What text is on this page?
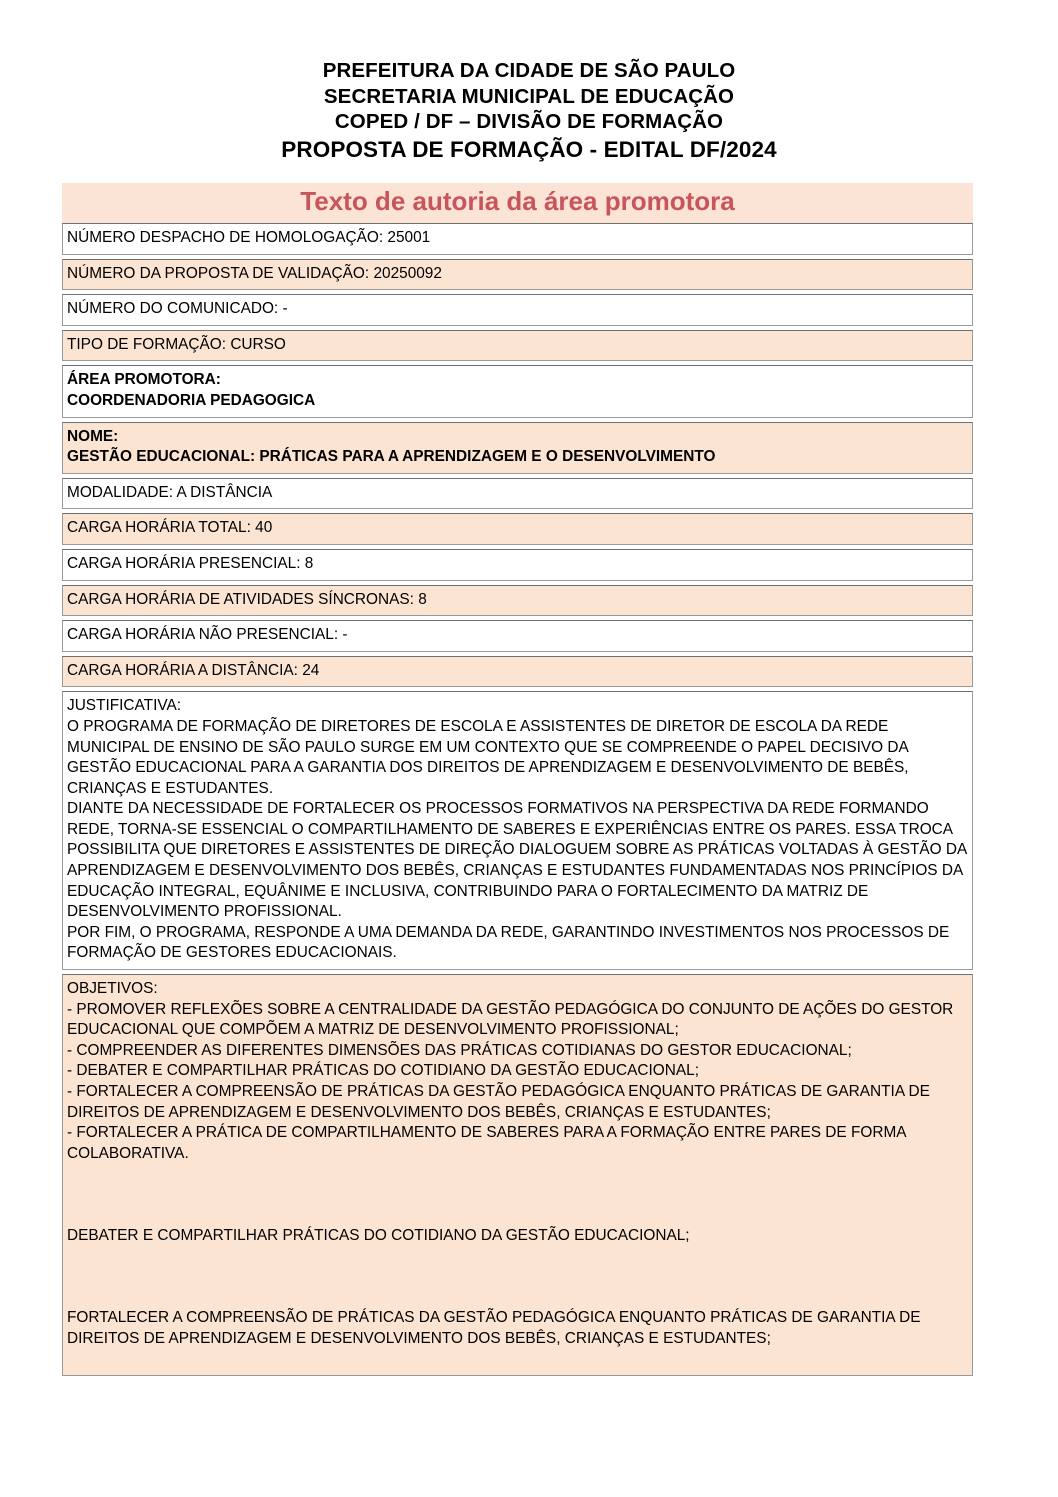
PREFEITURA DA CIDADE DE SÃO PAULO
SECRETARIA MUNICIPAL DE EDUCAÇÃO
COPED / DF – DIVISÃO DE FORMAÇÃO
PROPOSTA DE FORMAÇÃO - EDITAL DF/2024
Texto de autoria da área promotora
NÚMERO DESPACHO DE HOMOLOGAÇÃO: 25001

NÚMERO DA PROPOSTA DE VALIDAÇÃO: 20250092

NÚMERO DO COMUNICADO: -

TIPO DE FORMAÇÃO: CURSO

ÁREA PROMOTORA:
COORDENADORIA PEDAGOGICA

NOME:
GESTÃO EDUCACIONAL: PRÁTICAS PARA A APRENDIZAGEM E O DESENVOLVIMENTO

MODALIDADE: A DISTÂNCIA

CARGA HORÁRIA TOTAL: 40

CARGA HORÁRIA PRESENCIAL: 8

CARGA HORÁRIA DE ATIVIDADES SÍNCRONAS: 8

CARGA HORÁRIA NÃO PRESENCIAL: -

CARGA HORÁRIA A DISTÂNCIA: 24

JUSTIFICATIVA:
O PROGRAMA DE FORMAÇÃO DE DIRETORES DE ESCOLA E ASSISTENTES DE DIRETOR DE ESCOLA DA REDE MUNICIPAL DE ENSINO DE SÃO PAULO SURGE EM UM CONTEXTO QUE SE COMPREENDE O PAPEL DECISIVO DA GESTÃO EDUCACIONAL PARA A GARANTIA DOS DIREITOS DE APRENDIZAGEM E DESENVOLVIMENTO DE BEBÊS, CRIANÇAS E ESTUDANTES.
DIANTE DA NECESSIDADE DE FORTALECER OS PROCESSOS FORMATIVOS NA PERSPECTIVA DA REDE FORMANDO REDE, TORNA-SE ESSENCIAL O COMPARTILHAMENTO DE SABERES E EXPERIÊNCIAS ENTRE OS PARES. ESSA TROCA POSSIBILITA QUE DIRETORES E ASSISTENTES DE DIREÇÃO DIALOGUEM SOBRE AS PRÁTICAS VOLTADAS À GESTÃO DA APRENDIZAGEM E DESENVOLVIMENTO DOS BEBÊS, CRIANÇAS E ESTUDANTES FUNDAMENTADAS NOS PRINCÍPIOS DA EDUCAÇÃO INTEGRAL, EQUÂNIME E INCLUSIVA, CONTRIBUINDO PARA O FORTALECIMENTO DA MATRIZ DE DESENVOLVIMENTO PROFISSIONAL.
POR FIM, O PROGRAMA, RESPONDE A UMA DEMANDA DA REDE, GARANTINDO INVESTIMENTOS NOS PROCESSOS DE FORMAÇÃO DE GESTORES EDUCACIONAIS.

OBJETIVOS:
- PROMOVER REFLEXÕES SOBRE A CENTRALIDADE DA GESTÃO PEDAGÓGICA DO CONJUNTO DE AÇÕES DO GESTOR EDUCACIONAL QUE COMPÕEM A MATRIZ DE DESENVOLVIMENTO PROFISSIONAL;
- COMPREENDER AS DIFERENTES DIMENSÕES DAS PRÁTICAS COTIDIANAS DO GESTOR EDUCACIONAL;
- DEBATER E COMPARTILHAR PRÁTICAS DO COTIDIANO DA GESTÃO EDUCACIONAL;
- FORTALECER A COMPREENSÃO DE PRÁTICAS DA GESTÃO PEDAGÓGICA ENQUANTO PRÁTICAS DE GARANTIA DE DIREITOS DE APRENDIZAGEM E DESENVOLVIMENTO DOS BEBÊS, CRIANÇAS E ESTUDANTES;
- FORTALECER A PRÁTICA DE COMPARTILHAMENTO DE SABERES PARA A FORMAÇÃO ENTRE PARES DE FORMA COLABORATIVA.
DEBATER E COMPARTILHAR PRÁTICAS DO COTIDIANO DA GESTÃO EDUCACIONAL;
FORTALECER A COMPREENSÃO DE PRÁTICAS DA GESTÃO PEDAGÓGICA ENQUANTO PRÁTICAS DE GARANTIA DE DIREITOS DE APRENDIZAGEM E DESENVOLVIMENTO DOS BEBÊS, CRIANÇAS E ESTUDANTES;
